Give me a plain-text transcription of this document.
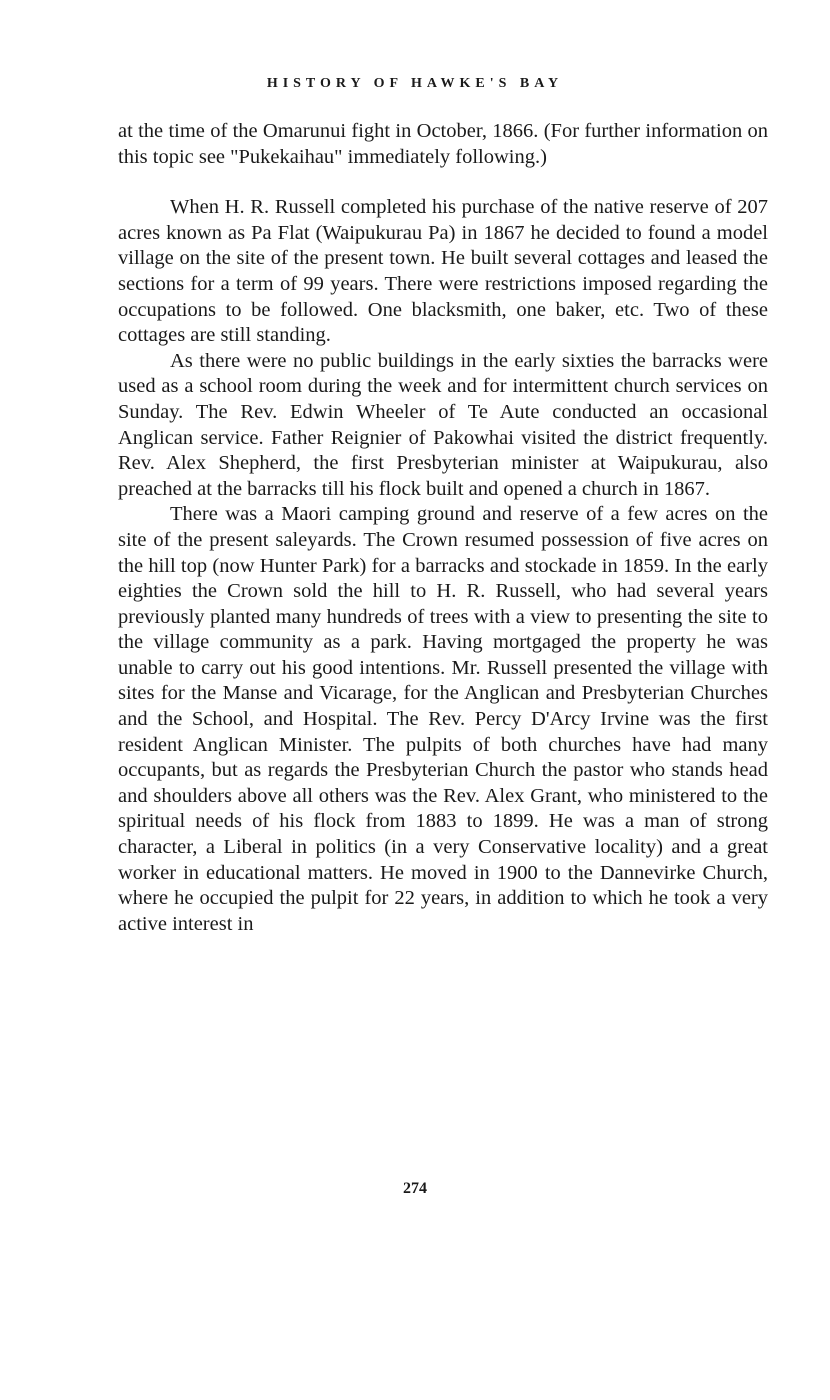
HISTORY OF HAWKE'S BAY

at the time of the Omarunui fight in October, 1866. (For further information on this topic see "Pukekaihau" immediately following.)

When H. R. Russell completed his purchase of the native reserve of 207 acres known as Pa Flat (Waipukurau Pa) in 1867 he decided to found a model village on the site of the present town. He built several cottages and leased the sections for a term of 99 years. There were restrictions imposed regarding the occupations to be followed. One blacksmith, one baker, etc. Two of these cottages are still standing.

As there were no public buildings in the early sixties the barracks were used as a school room during the week and for intermittent church services on Sunday. The Rev. Edwin Wheeler of Te Aute conducted an occasional Anglican service. Father Reignier of Pakowhai visited the district frequently. Rev. Alex Shepherd, the first Presbyterian minister at Waipukurau, also preached at the barracks till his flock built and opened a church in 1867.

There was a Maori camping ground and reserve of a few acres on the site of the present saleyards. The Crown resumed possession of five acres on the hill top (now Hunter Park) for a barracks and stockade in 1859. In the early eighties the Crown sold the hill to H. R. Russell, who had several years previously planted many hundreds of trees with a view to presenting the site to the village community as a park. Having mortgaged the property he was unable to carry out his good intentions. Mr. Russell presented the village with sites for the Manse and Vicarage, for the Anglican and Presbyterian Churches and the School, and Hospital. The Rev. Percy D'Arcy Irvine was the first resident Anglican Minister. The pulpits of both churches have had many occupants, but as regards the Presbyterian Church the pastor who stands head and shoulders above all others was the Rev. Alex Grant, who ministered to the spiritual needs of his flock from 1883 to 1899. He was a man of strong character, a Liberal in politics (in a very Conservative locality) and a great worker in educational matters. He moved in 1900 to the Dannevirke Church, where he occupied the pulpit for 22 years, in addition to which he took a very active interest in

274
